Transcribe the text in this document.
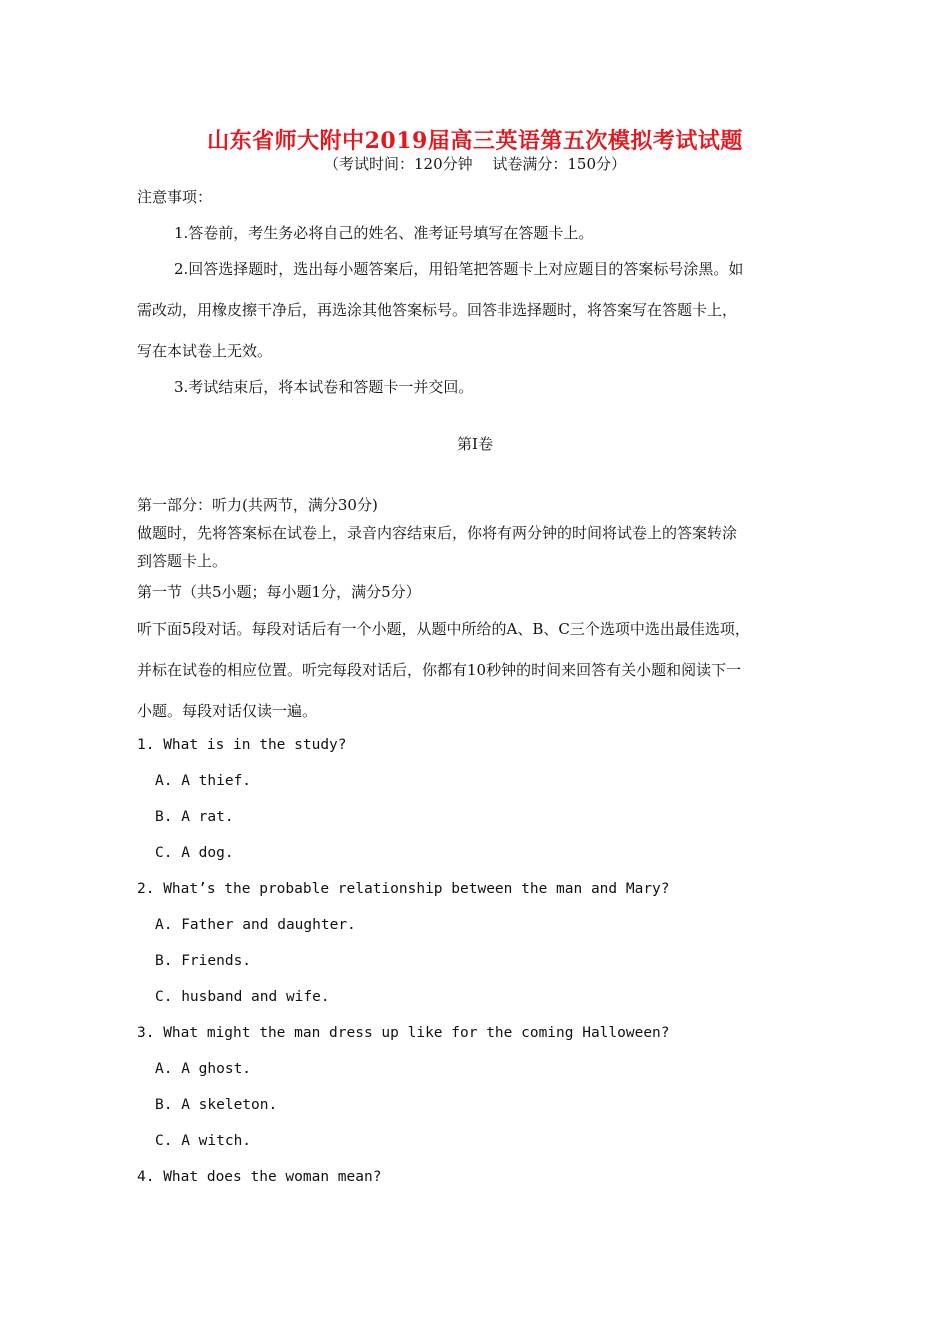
山东省师大附中2019届高三英语第五次模拟考试试题
（考试时间：120分钟　 试卷满分：150分）
注意事项：
1.答卷前，考生务必将自己的姓名、准考证号填写在答题卡上。
2.回答选择题时，选出每小题答案后，用铅笔把答题卡上对应题目的答案标号涂黑。如
需改动，用橡皮擦干净后，再选涂其他答案标号。回答非选择题时，将答案写在答题卡上，
写在本试卷上无效。
3.考试结束后，将本试卷和答题卡一并交回。
第Ⅰ卷
第一部分：听力(共两节，满分30分)
做题时，先将答案标在试卷上，录音内容结束后，你将有两分钟的时间将试卷上的答案转涂
到答题卡上。
第一节（共5小题；每小题1分，满分5分）
听下面5段对话。每段对话后有一个小题，从题中所给的A、B、C三个选项中选出最佳选项，
并标在试卷的相应位置。听完每段对话后，你都有10秒钟的时间来回答有关小题和阅读下一
小题。每段对话仅读一遍。
1. What is in the study?
A. A thief.
B. A rat.
C. A dog.
2. What’s the probable relationship between the man and Mary?
A. Father and daughter.
B. Friends.
C. husband and wife.
3. What might the man dress up like for the coming Halloween?
A. A ghost.
B. A skeleton.
C. A witch.
4. What does the woman mean?
